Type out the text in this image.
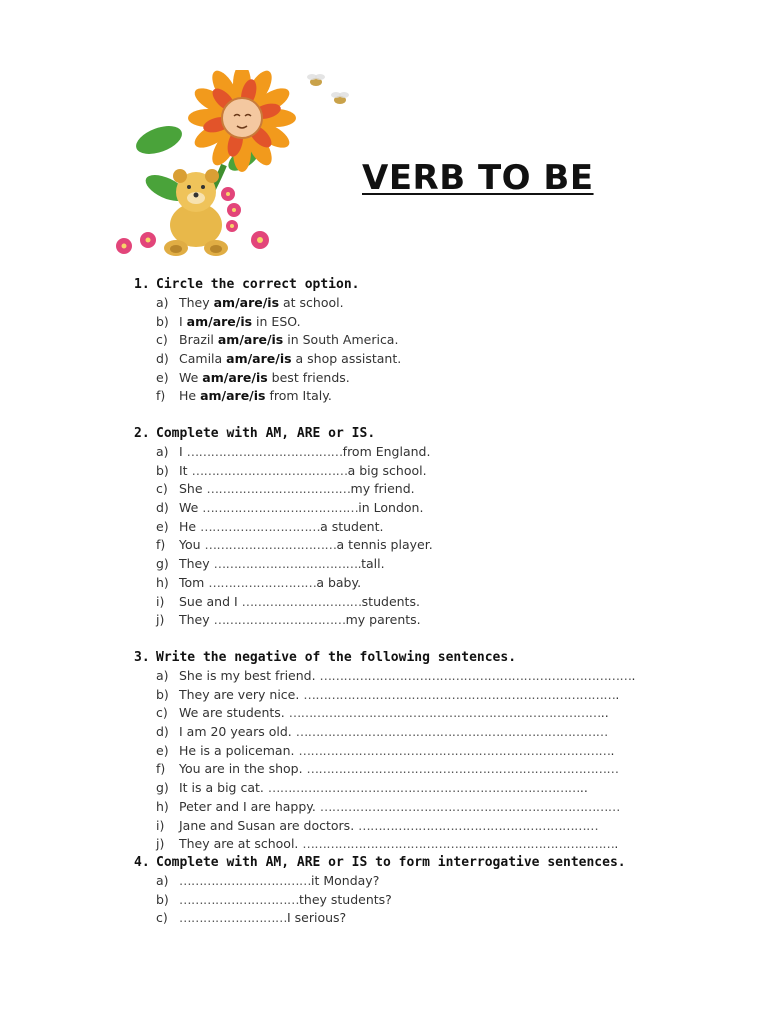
VERB TO BE
1. Circle the correct option.
a) They am/are/is at school.
b) I am/are/is in ESO.
c) Brazil am/are/is in South America.
d) Camila am/are/is a shop assistant.
e) We am/are/is best friends.
f) He am/are/is from Italy.
2. Complete with AM, ARE or IS.
a) I …………………………………from England.
b) It …………………………………a big school.
c) She ………………………………my friend.
d) We …………………………………in London.
e) He …………………………a student.
f) You ……………………………a tennis player.
g) They ……………………………….tall.
h) Tom ………………………a baby.
i) Sue and I …………………………students.
j) They ……………………………my parents.
3. Write the negative of the following sentences.
a) She is my best friend. …………………………………………………………………….
b) They are very nice. …………………………………………………………………….
c) We are students. ……………………………………………………………………..
d) I am 20 years old. ……………………………………………………………………
e) He is a policeman. …………………………………………………………………….
f) You are in the shop. ……………………………………………………………………
g) It is a big cat. ……………………………………………………………………..
h) Peter and I are happy. …………………………………………………………………
i) Jane and Susan are doctors. ……………………………………………………
j) They are at school. …………………………………………………………………….
4. Complete with AM, ARE or IS to form interrogative sentences.
a) ……………………………it Monday?
b) …………………………they students?
c) ………………………I serious?
